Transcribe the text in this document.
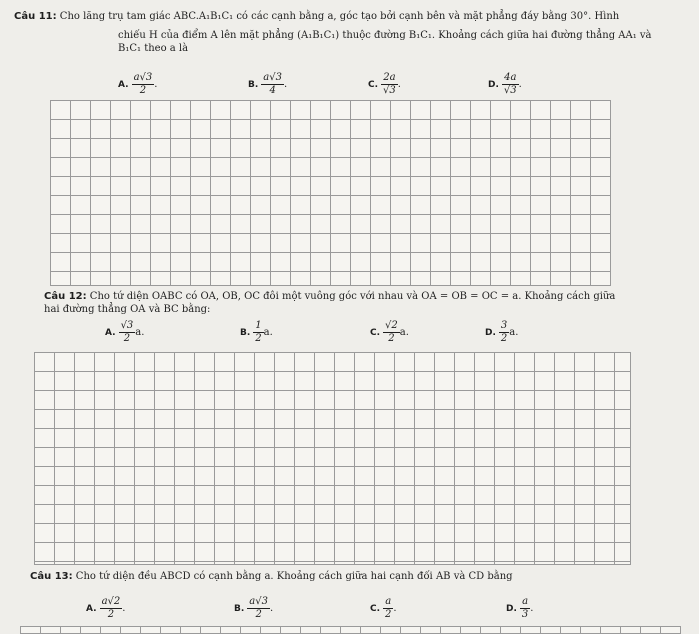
Câu 11: Cho lăng trụ tam giác ABC.A₁B₁C₁ có các cạnh bằng a, góc tạo bởi cạnh bên và mặt phẳng đáy bằng 30°. Hình
chiếu H của điểm A lên mặt phẳng (A₁B₁C₁) thuộc đường B₁C₁. Khoảng cách giữa hai đường thẳng AA₁ và
B₁C₁ theo a là
A. $\frac{a√3}{2}$ .	B. $\frac{a√3}{4}$ .	C. $\frac{2a}{√3}$ .	D. $\frac{4a}{√3}$ .
Câu 12: Cho tứ diện OABC có OA, OB, OC đôi một vuông góc với nhau và OA = OB = OC = a. Khoảng cách giữa
hai đường thẳng OA và BC bằng:
A. $\frac{√3}{2} a$.	B. $\frac{1}{2} a$.	C. $\frac{√2}{2} a$.	D. $\frac{3}{2} a$.
Câu 13: Cho tứ diện đều ABCD có cạnh bằng a. Khoảng cách giữa hai cạnh đối AB và CD bằng
A. $\frac{a√2}{2}$ .	B. $\frac{a√3}{2}$ .	C. $\frac{a}{2}$ .	D. $\frac{a}{3}$ .
